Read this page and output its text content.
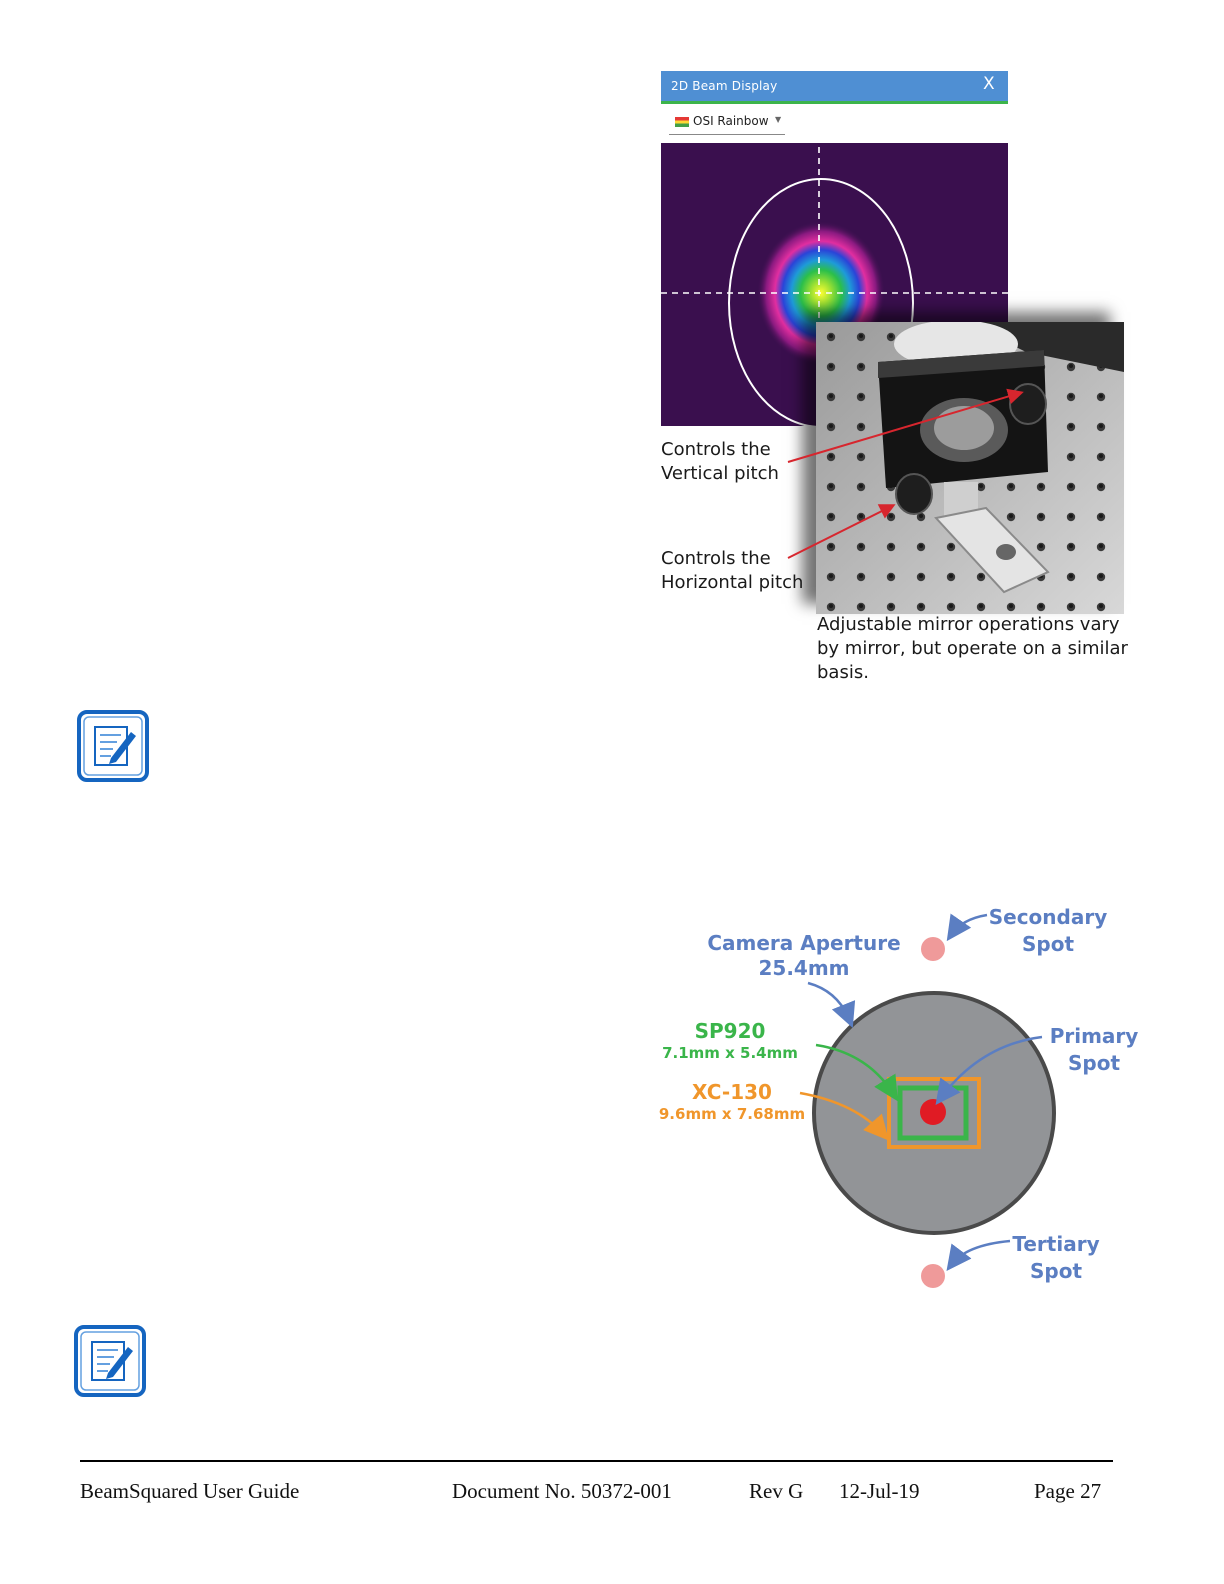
2D Beam Display	X
OSI Rainbow ▼
Controls the
Vertical pitch
Controls the
Horizontal pitch
Adjustable mirror operations vary
by mirror, but operate on a similar
basis.
Camera Aperture
25.4mm
Secondary
Spot
Primary
Spot
Tertiary
Spot
SP920
7.1mm x 5.4mm
XC-130
9.6mm x 7.68mm
BeamSquared User Guide	Document No. 50372-001	Rev G 12-Jul-19	Page 27
